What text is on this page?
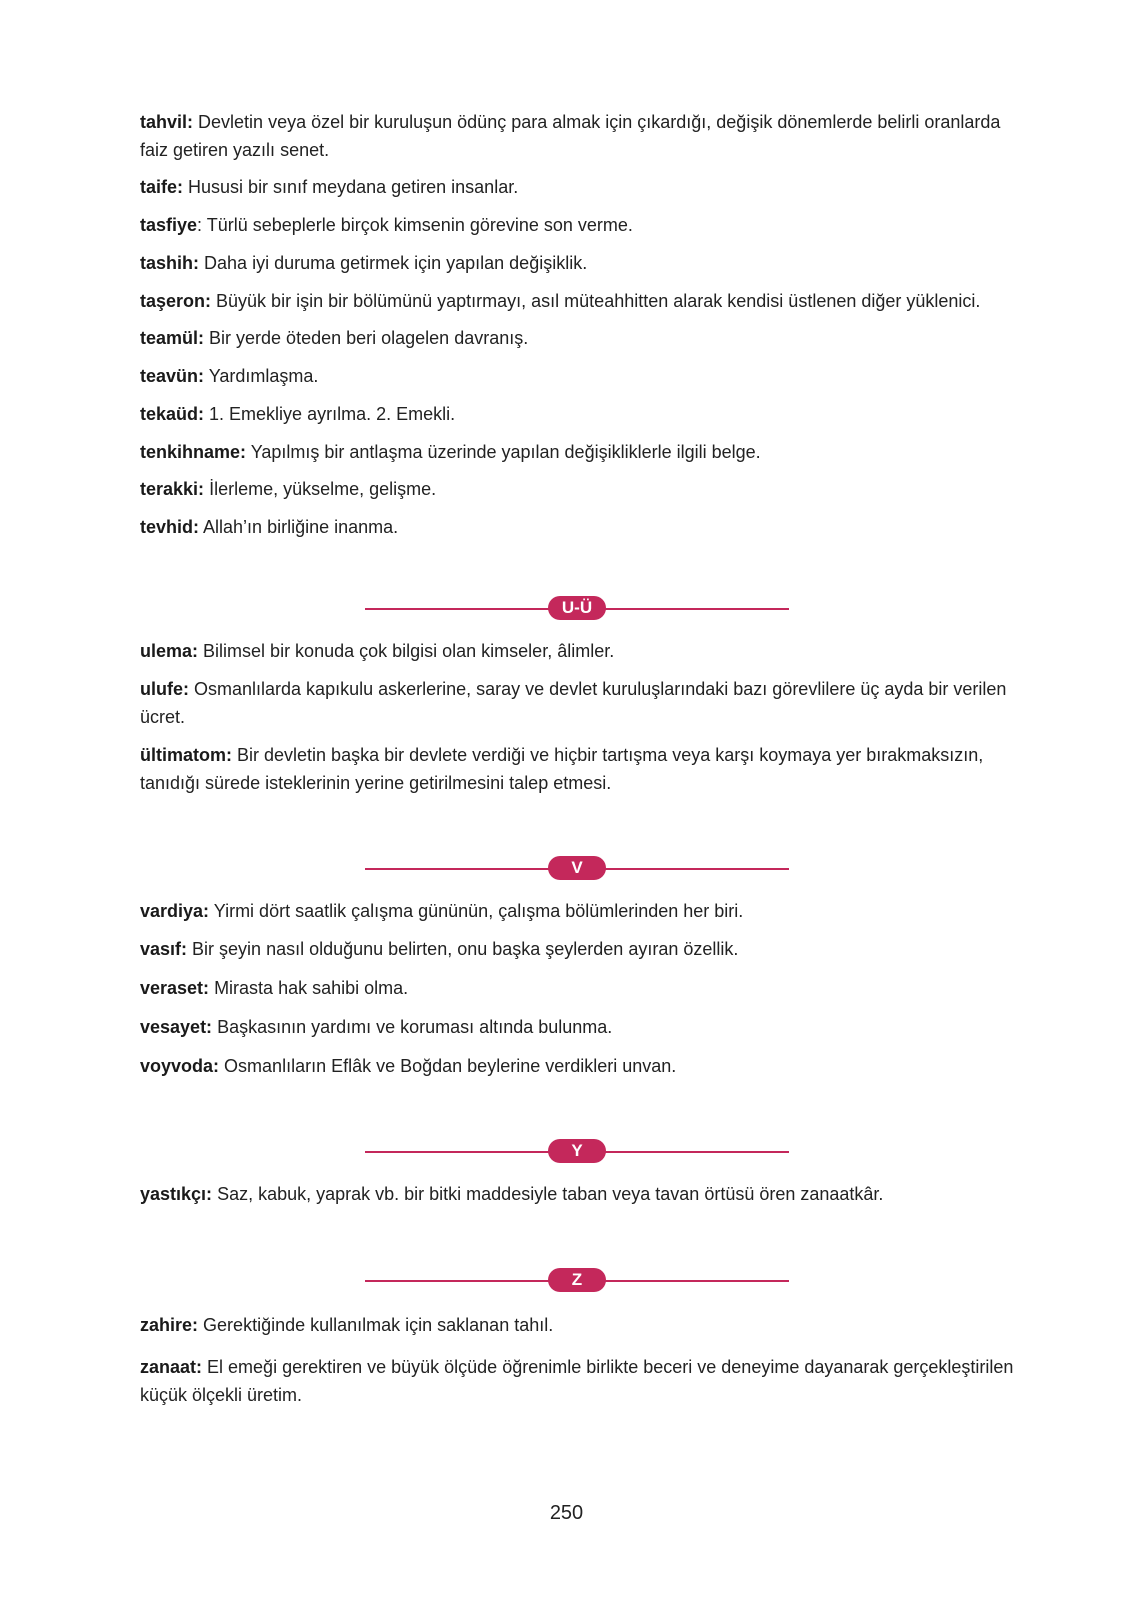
tahvil: Devletin veya özel bir kuruluşun ödünç para almak için çıkardığı, değişik dönemlerde belirli oranlarda faiz getiren yazılı senet.

taife: Hususi bir sınıf meydana getiren insanlar.

tasfiye: Türlü sebeplerle birçok kimsenin görevine son verme.

tashih: Daha iyi duruma getirmek için yapılan değişiklik.

taşeron: Büyük bir işin bir bölümünü yaptırmayı, asıl müteahhitten alarak kendisi üstlenen diğer yüklenici.

teamül: Bir yerde öteden beri olagelen davranış.

teavün: Yardımlaşma.

tekaüd: 1. Emekliye ayrılma. 2. Emekli.

tenkihname: Yapılmış bir antlaşma üzerinde yapılan değişikliklerle ilgili belge.

terakki: İlerleme, yükselme, gelişme.

tevhid: Allah’ın birliğine inanma.

U-Ü

ulema: Bilimsel bir konuda çok bilgisi olan kimseler, âlimler.

ulufe: Osmanlılarda kapıkulu askerlerine, saray ve devlet kuruluşlarındaki bazı görevlilere üç ayda bir verilen ücret.

ültimatom: Bir devletin başka bir devlete verdiği ve hiçbir tartışma veya karşı koymaya yer bırakmaksızın, tanıdığı sürede isteklerinin yerine getirilmesini talep etmesi.

V

vardiya: Yirmi dört saatlik çalışma gününün, çalışma bölümlerinden her biri.

vasıf: Bir şeyin nasıl olduğunu belirten, onu başka şeylerden ayıran özellik.

veraset: Mirasta hak sahibi olma.

vesayet: Başkasının yardımı ve koruması altında bulunma.

voyvoda: Osmanlıların Eflâk ve Boğdan beylerine verdikleri unvan.

Y

yastıkçı: Saz, kabuk, yaprak vb. bir bitki maddesiyle taban veya tavan örtüsü ören zanaatkâr.

Z

zahire: Gerektiğinde kullanılmak için saklanan tahıl.

zanaat: El emeği gerektiren ve büyük ölçüde öğrenimle birlikte beceri ve deneyime dayanarak gerçekleştirilen küçük ölçekli üretim.

250
